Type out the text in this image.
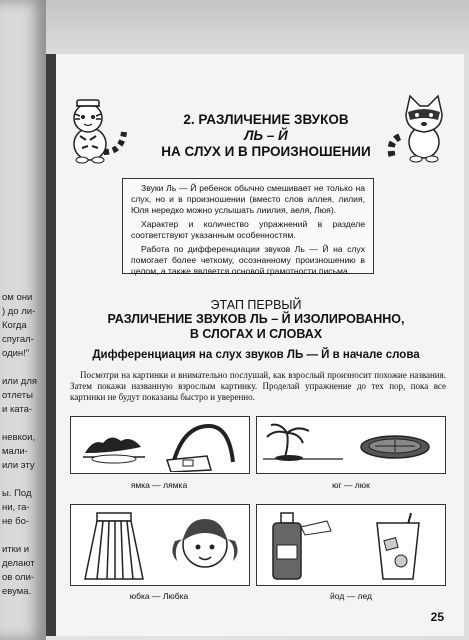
ом они
) до ли-
Когда
спугал-
один!"
или для
отлеты
и ката-
невкои,
мали-
или эту
ы. Под
ни, га-
не бо-
итки и
делают
ов оли-
евума.
2. РАЗЛИЧЕНИЕ ЗВУКОВ
ЛЬ – Й
НА СЛУХ И В ПРОИЗНОШЕНИИ

Звуки Ль — Й ребенок обычно смешивает не только на слух, но и в произношении (вместо слов аллея, лилия, Юля нередко можно услышать лиилия, аеля, Люя).

Характер и количество упражнений в разделе соответствуют указанным особенностям.

Работа по дифференциации звуков Ль — Й на слух помогает более четкому, осознанному произношению в целом, а также является основой грамотности письма.

ЭТАП ПЕРВЫЙ
РАЗЛИЧЕНИЕ ЗВУКОВ ЛЬ – Й ИЗОЛИРОВАННО,
В СЛОГАХ И СЛОВАХ
Дифференциация на слух звуков ЛЬ — Й в начале слова
Посмотри на картинки и внимательно послушай, как взрослый произносит похожие названия. Затем покажи названную взрослым картинку. Проделай упражнение до тех пор, пока все картинки не будут показаны быстро и уверенно.
ямка — лямка	юг — люк
юбка — Любка	йод — лед
25
